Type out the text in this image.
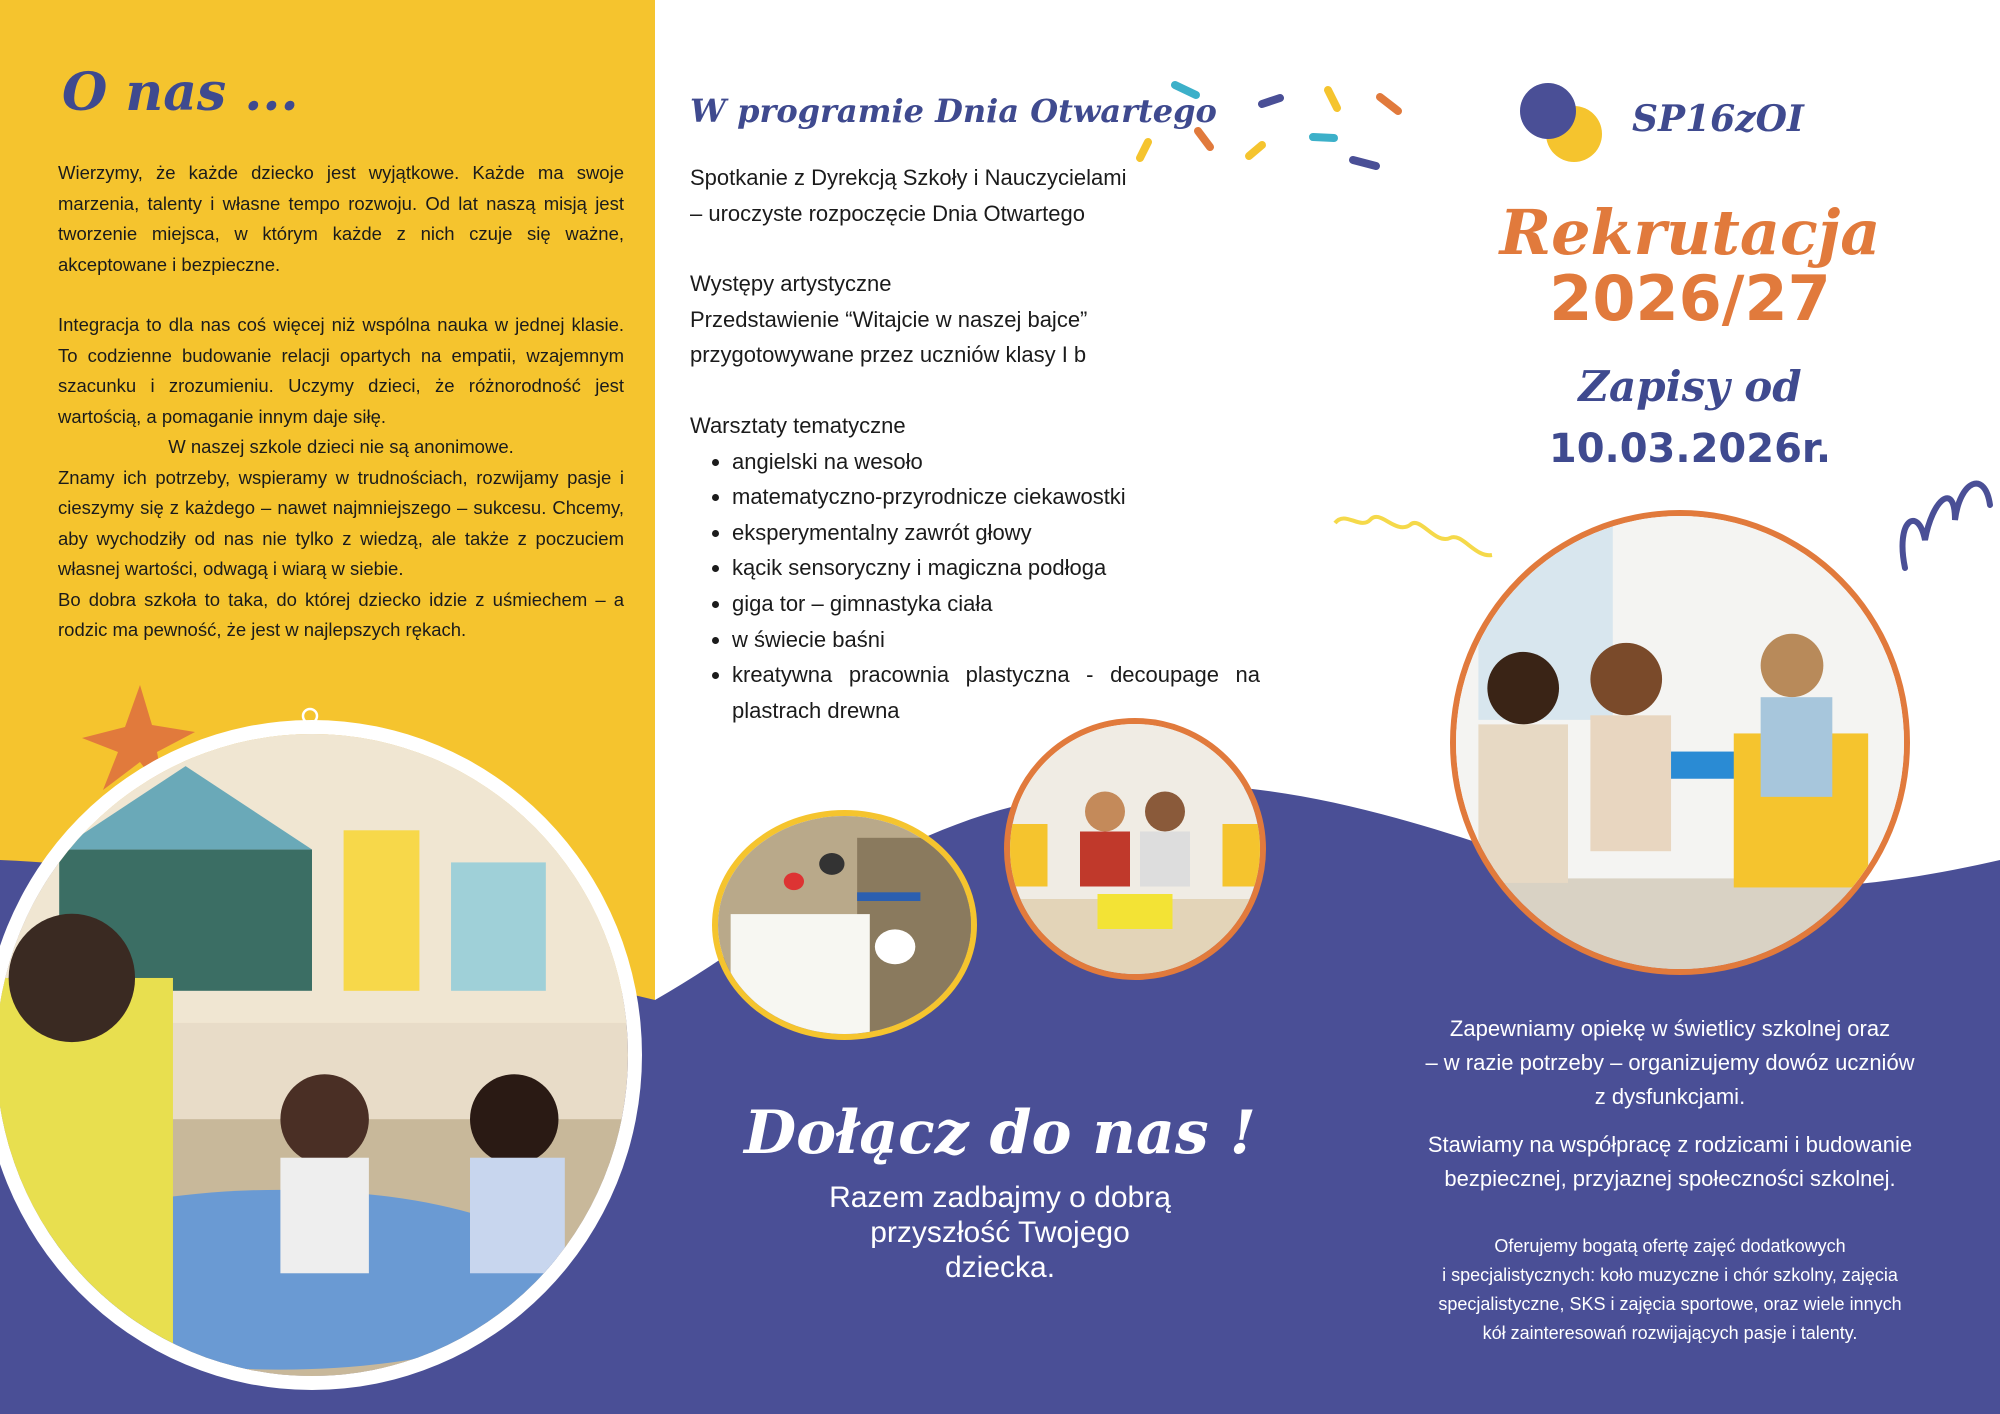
O nas ...

Wierzymy, że każde dziecko jest wyjątkowe. Każde ma swoje marzenia, talenty i własne tempo rozwoju. Od lat naszą misją jest tworzenie miejsca, w którym każde z nich czuje się ważne, akceptowane i bezpieczne.

Integracja to dla nas coś więcej niż wspólna nauka w jednej klasie. To codzienne budowanie relacji opartych na empatii, wzajemnym szacunku i zrozumieniu. Uczymy dzieci, że różnorodność jest wartością, a pomaganie innym daje siłę.

W naszej szkole dzieci nie są anonimowe.

Znamy ich potrzeby, wspieramy w trudnościach, rozwijamy pasje i cieszymy się z każdego – nawet najmniejszego – sukcesu. Chcemy, aby wychodziły od nas nie tylko z wiedzą, ale także z poczuciem własnej wartości, odwagą i wiarą w siebie.

Bo dobra szkoła to taka, do której dziecko idzie z uśmiechem – a rodzic ma pewność, że jest w najlepszych rękach.

W programie Dnia Otwartego

Spotkanie z Dyrekcją Szkoły i Nauczycielami

– uroczyste rozpoczęcie Dnia Otwartego

Występy artystyczne

Przedstawienie “Witajcie w naszej bajce”

przygotowywane przez uczniów klasy I b

Warsztaty tematyczne

• angielski na wesoło
• matematyczno-przyrodnicze ciekawostki
• eksperymentalny zawrót głowy
• kącik sensoryczny i magiczna podłoga
• giga tor – gimnastyka ciała
• w świecie baśni
• kreatywna pracownia plastyczna - decoupage na plastrach drewna
Dołącz do nas !
Razem zadbajmy o dobrą
przyszłość Twojego
dziecka.
SP16zOI
Rekrutacja
2026/27
Zapisy od
10.03.2026r.
Zapewniamy opiekę w świetlicy szkolnej oraz
– w razie potrzeby – organizujemy dowóz uczniów
z dysfunkcjami.
Stawiamy na współpracę z rodzicami i budowanie
bezpiecznej, przyjaznej społeczności szkolnej.
Oferujemy bogatą ofertę zajęć dodatkowych
i specjalistycznych: koło muzyczne i chór szkolny, zajęcia
specjalistyczne, SKS i zajęcia sportowe, oraz wiele innych
kół zainteresowań rozwijających pasje i talenty.
